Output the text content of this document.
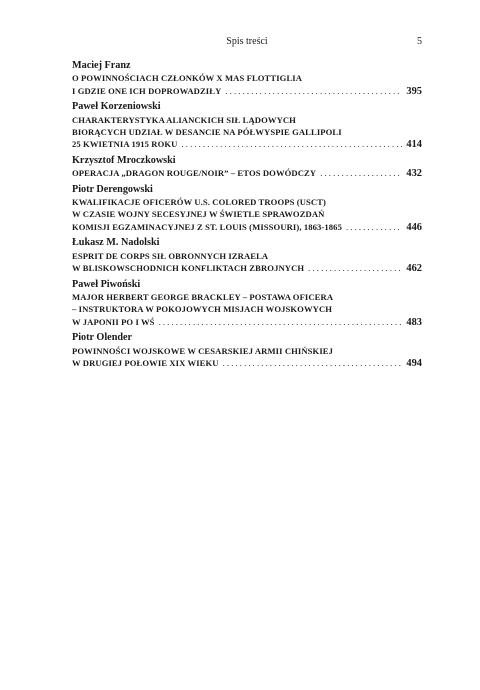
Spis treści	5
Maciej Franz
O POWINNOŚCIACH CZŁONKÓW X MAS FLOTTIGLIA
I GDZIE ONE ICH DOPROWADZIŁY . . .	395
Paweł Korzeniowski
CHARAKTERYSTYKA ALIANCKICH SIŁ LĄDOWYCH
BIORĄCYCH UDZIAŁ W DESANCIE NA PÓŁWYSPIE GALLIPOLI
25 KWIETNIA 1915 ROKU . . .	414
Krzysztof Mroczkowski
OPERACJA „DRAGON ROUGE/NOIR” – ETOS DOWÓDCZY . . .	432
Piotr Derengowski
KWALIFIKACJE OFICERÓW U.S. COLORED TROOPS (USCT)
W CZASIE WOJNY SECESYJNEJ W ŚWIETLE SPRAWOZDAŃ
KOMISJI EGZAMINACYJNEJ Z ST. LOUIS (MISSOURI), 1863-1865 . . .	446
Łukasz M. Nadolski
ESPRIT DE CORPS SIŁ OBRONNYCH IZRAELA
W BLISKOWSCHODNICH KONFLIKTACH ZBROJNYCH . . .	462
Paweł Piwoński
MAJOR HERBERT GEORGE BRACKLEY – POSTAWA OFICERA
– INSTRUKTORA W POKOJOWYCH MISJACH WOJSKOWYCH
W JAPONII PO I WŚ . . .	483
Piotr Olender
POWINNOŚCI WOJSKOWE W CESARSKIEJ ARMII CHIŃSKIEJ
W DRUGIEJ POŁOWIE XIX WIEKU . . .	494
